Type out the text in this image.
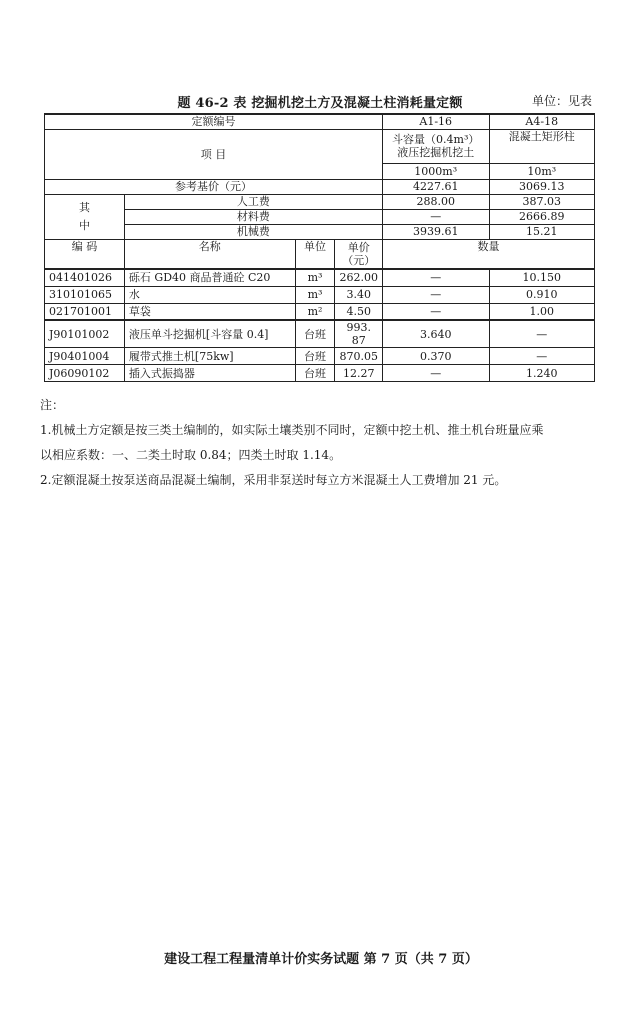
题 46-2 表 挖掘机挖土方及混凝土柱消耗量定额	单位：见表
定额编号				A1-16	A4-18
项 目				斗容量（0.4m³）液压挖掘机挖土	混凝土矩形柱
				1000m³	10m³
参考基价（元）				4227.61	3069.13
其
中	人工费			288.00	387.03
	材料费			—	2666.89
	机械费			3939.61	15.21
编 码	名称	单位	单价（元）	数量	
041401026	砾石 GD40 商品普通砼 C20	m³	262.00	—	10.150
310101065	水	m³	3.40	—	0.910
021701001	草袋	m²	4.50	—	1.00
J90101002	液压单斗挖掘机[斗容量 0.4]	台班	993. 87	3.640	—
J90401004	履带式推土机[75kw]	台班	870.05	0.370	—
J06090102	插入式振捣器	台班	12.27	—	1.240

注：

1.机械土方定额是按三类土编制的，如实际土壤类别不同时，定额中挖土机、推土机台班量应乘

以相应系数：一、二类土时取 0.84；四类土时取 1.14。

2.定额混凝土按泵送商品混凝土编制，采用非泵送时每立方米混凝土人工费增加 21 元。

建设工程工程量清单计价实务试题 第 7 页（共 7 页）
